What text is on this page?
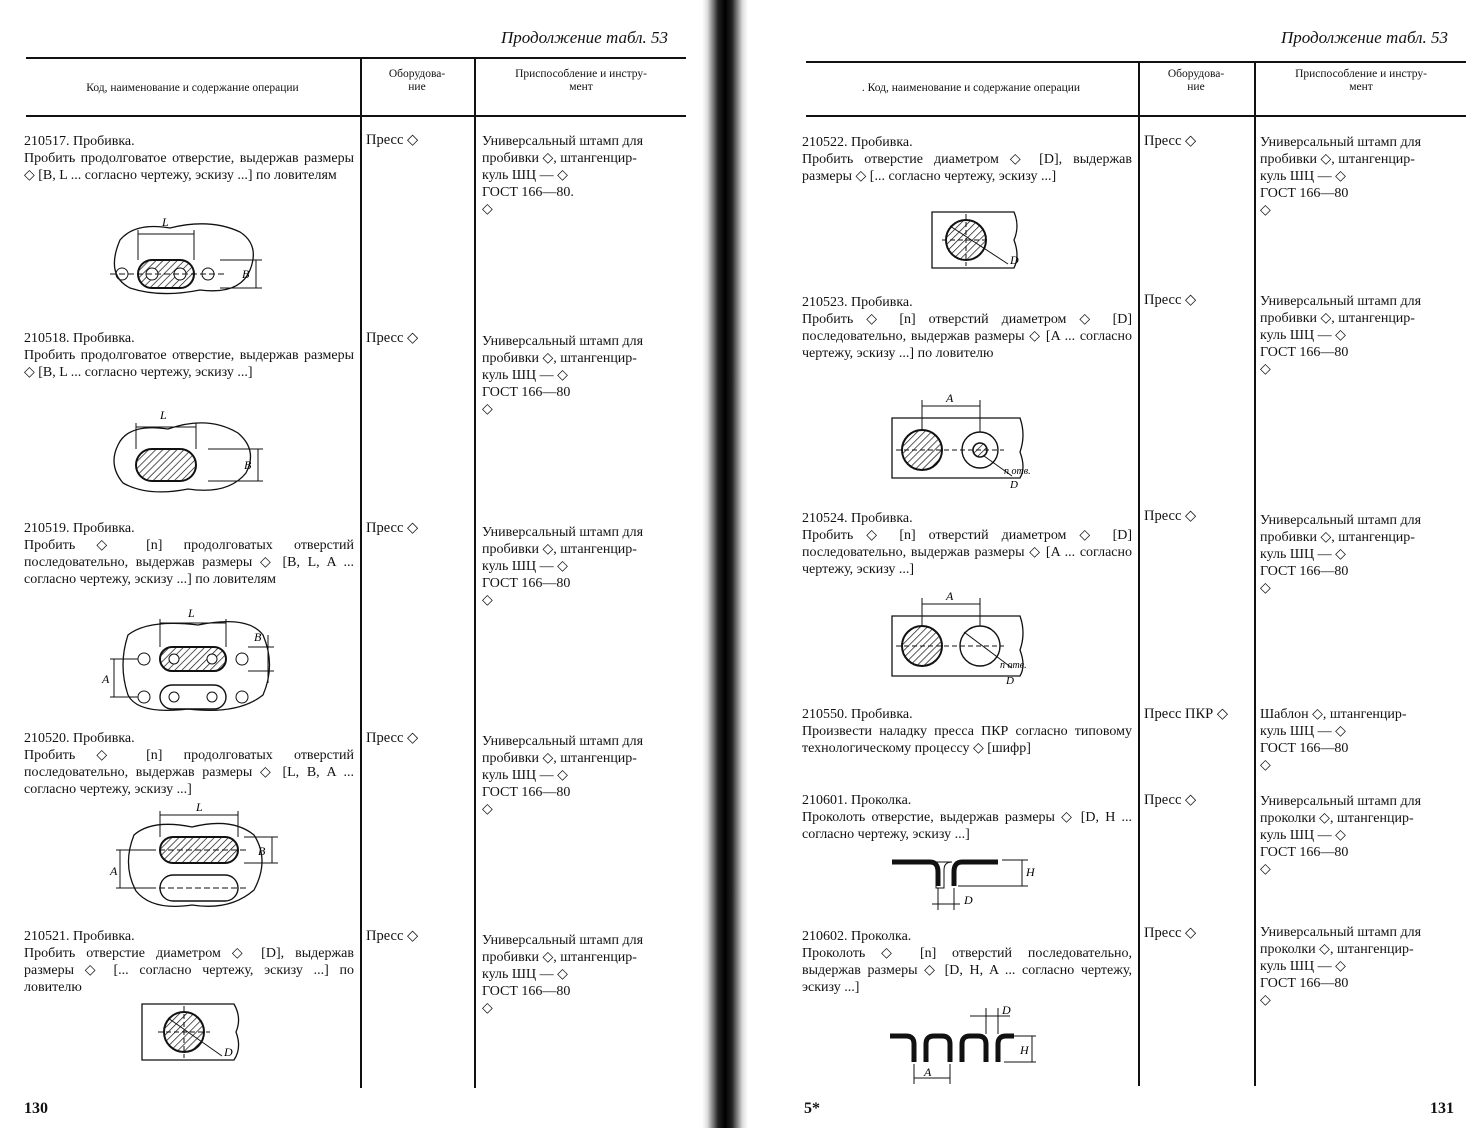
Продолжение табл. 53
Код, наименование и содержание операции
Оборудова-
ние
Приспособление и инстру-
мент
210517. Пробивка.
Пробить продолговатое отверстие, выдержав размеры ◇ [B, L ... согласно чертежу, эскизу ...] по ловителям
Пресс ◇	Универсальный штамп для
пробивки ◇, штангенцир-
куль ШЦ — ◇
ГОСТ 166—80.
◇
L
B
210518. Пробивка.
Пробить продолговатое отверстие, выдержав размеры ◇ [B, L ... согласно чертежу, эскизу ...]
Пресс ◇	Универсальный штамп для
пробивки ◇, штангенцир-
куль ШЦ — ◇
ГОСТ 166—80
◇
L
B
210519. Пробивка.
Пробить ◇ [n] продолговатых отверстий последовательно, выдержав размеры ◇ [B, L, A ... согласно чертежу, эскизу ...] по ловителям
Пресс ◇	Универсальный штамп для
пробивки ◇, штангенцир-
куль ШЦ — ◇
ГОСТ 166—80
◇
L
A
B
210520. Пробивка.
Пробить ◇ [n] продолговатых отверстий последовательно, выдержав размеры ◇ [L, B, A ... согласно чертежу, эскизу ...]
Пресс ◇	Универсальный штамп для
пробивки ◇, штангенцир-
куль ШЦ — ◇
ГОСТ 166—80
◇
L
A
B
210521. Пробивка.
Пробить отверстие диаметром ◇ [D], выдержав размеры ◇ [... согласно чертежу, эскизу ...] по ловителю
Пресс ◇	Универсальный штамп для
пробивки ◇, штангенцир-
куль ШЦ — ◇
ГОСТ 166—80
◇
D
130
Продолжение табл. 53
. Код, наименование и содержание операции
Оборудова-
ние
Приспособление и инстру-
мент
210522. Пробивка.
Пробить отверстие диаметром ◇ [D], выдержав размеры ◇ [... согласно чертежу, эскизу ...]
Пресс ◇	Универсальный штамп для
пробивки ◇, штангенцир-
куль ШЦ — ◇
ГОСТ 166—80
◇
D
210523. Пробивка.
Пробить ◇ [n] отверстий диаметром ◇ [D] последовательно, выдержав размеры ◇ [A ... согласно чертежу, эскизу ...] по ловителю
Пресс ◇	Универсальный штамп для
пробивки ◇, штангенцир-
куль ШЦ — ◇
ГОСТ 166—80
◇
A
n отв.
D
210524. Пробивка.
Пробить ◇ [n] отверстий диаметром ◇ [D] последовательно, выдержав размеры ◇ [A ... согласно чертежу, эскизу ...]
Пресс ◇	Универсальный штамп для
пробивки ◇, штангенцир-
куль ШЦ — ◇
ГОСТ 166—80
◇
A
n отв.
D
210550. Пробивка.
Произвести наладку пресса ПКР согласно типовому технологическому процессу ◇ [шифр]
Пресс ПКР ◇	Шаблон ◇, штангенцир-
куль ШЦ — ◇
ГОСТ 166—80
◇
210601. Проколка.
Проколоть отверстие, выдержав размеры ◇ [D, H ... согласно чертежу, эскизу ...]
Пресс ◇	Универсальный штамп для
проколки ◇, штангенцир-
куль ШЦ — ◇
ГОСТ 166—80
◇
H
D
210602. Проколка.
Проколоть ◇ [n] отверстий последовательно, выдержав размеры ◇ [D, H, A ... согласно чертежу, эскизу ...]
Пресс ◇	Универсальный штамп для
проколки ◇, штангенцир-
куль ШЦ — ◇
ГОСТ 166—80
◇
D
A
H
5*	131
